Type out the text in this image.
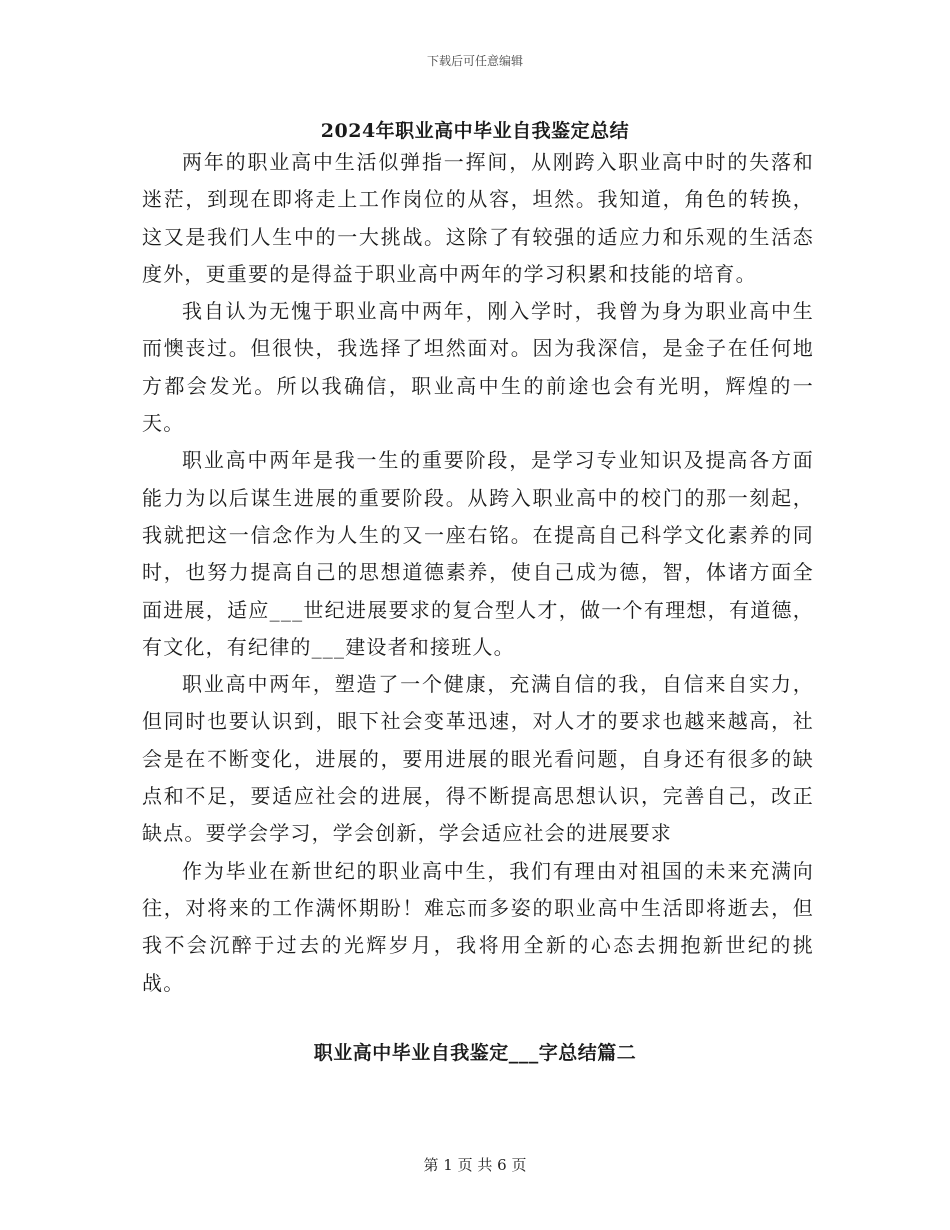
下载后可任意编辑
2024年职业高中毕业自我鉴定总结

两年的职业高中生活似弹指一挥间，从刚跨入职业高中时的失落和迷茫，到现在即将走上工作岗位的从容，坦然。我知道，角色的转换，这又是我们人生中的一大挑战。这除了有较强的适应力和乐观的生活态度外，更重要的是得益于职业高中两年的学习积累和技能的培育。

我自认为无愧于职业高中两年，刚入学时，我曾为身为职业高中生而懊丧过。但很快，我选择了坦然面对。因为我深信，是金子在任何地方都会发光。所以我确信，职业高中生的前途也会有光明，辉煌的一天。

职业高中两年是我一生的重要阶段，是学习专业知识及提高各方面能力为以后谋生进展的重要阶段。从跨入职业高中的校门的那一刻起，我就把这一信念作为人生的又一座右铭。在提高自己科学文化素养的同时，也努力提高自己的思想道德素养，使自己成为德，智，体诸方面全面进展，适应___世纪进展要求的复合型人才，做一个有理想，有道德，有文化，有纪律的___建设者和接班人。

职业高中两年，塑造了一个健康，充满自信的我，自信来自实力，但同时也要认识到，眼下社会变革迅速，对人才的要求也越来越高，社会是在不断变化，进展的，要用进展的眼光看问题，自身还有很多的缺点和不足，要适应社会的进展，得不断提高思想认识，完善自己，改正缺点。要学会学习，学会创新，学会适应社会的进展要求

作为毕业在新世纪的职业高中生，我们有理由对祖国的未来充满向往，对将来的工作满怀期盼！难忘而多姿的职业高中生活即将逝去，但我不会沉醉于过去的光辉岁月，我将用全新的心态去拥抱新世纪的挑战。

职业高中毕业自我鉴定___字总结篇二
第 1 页 共 6 页
